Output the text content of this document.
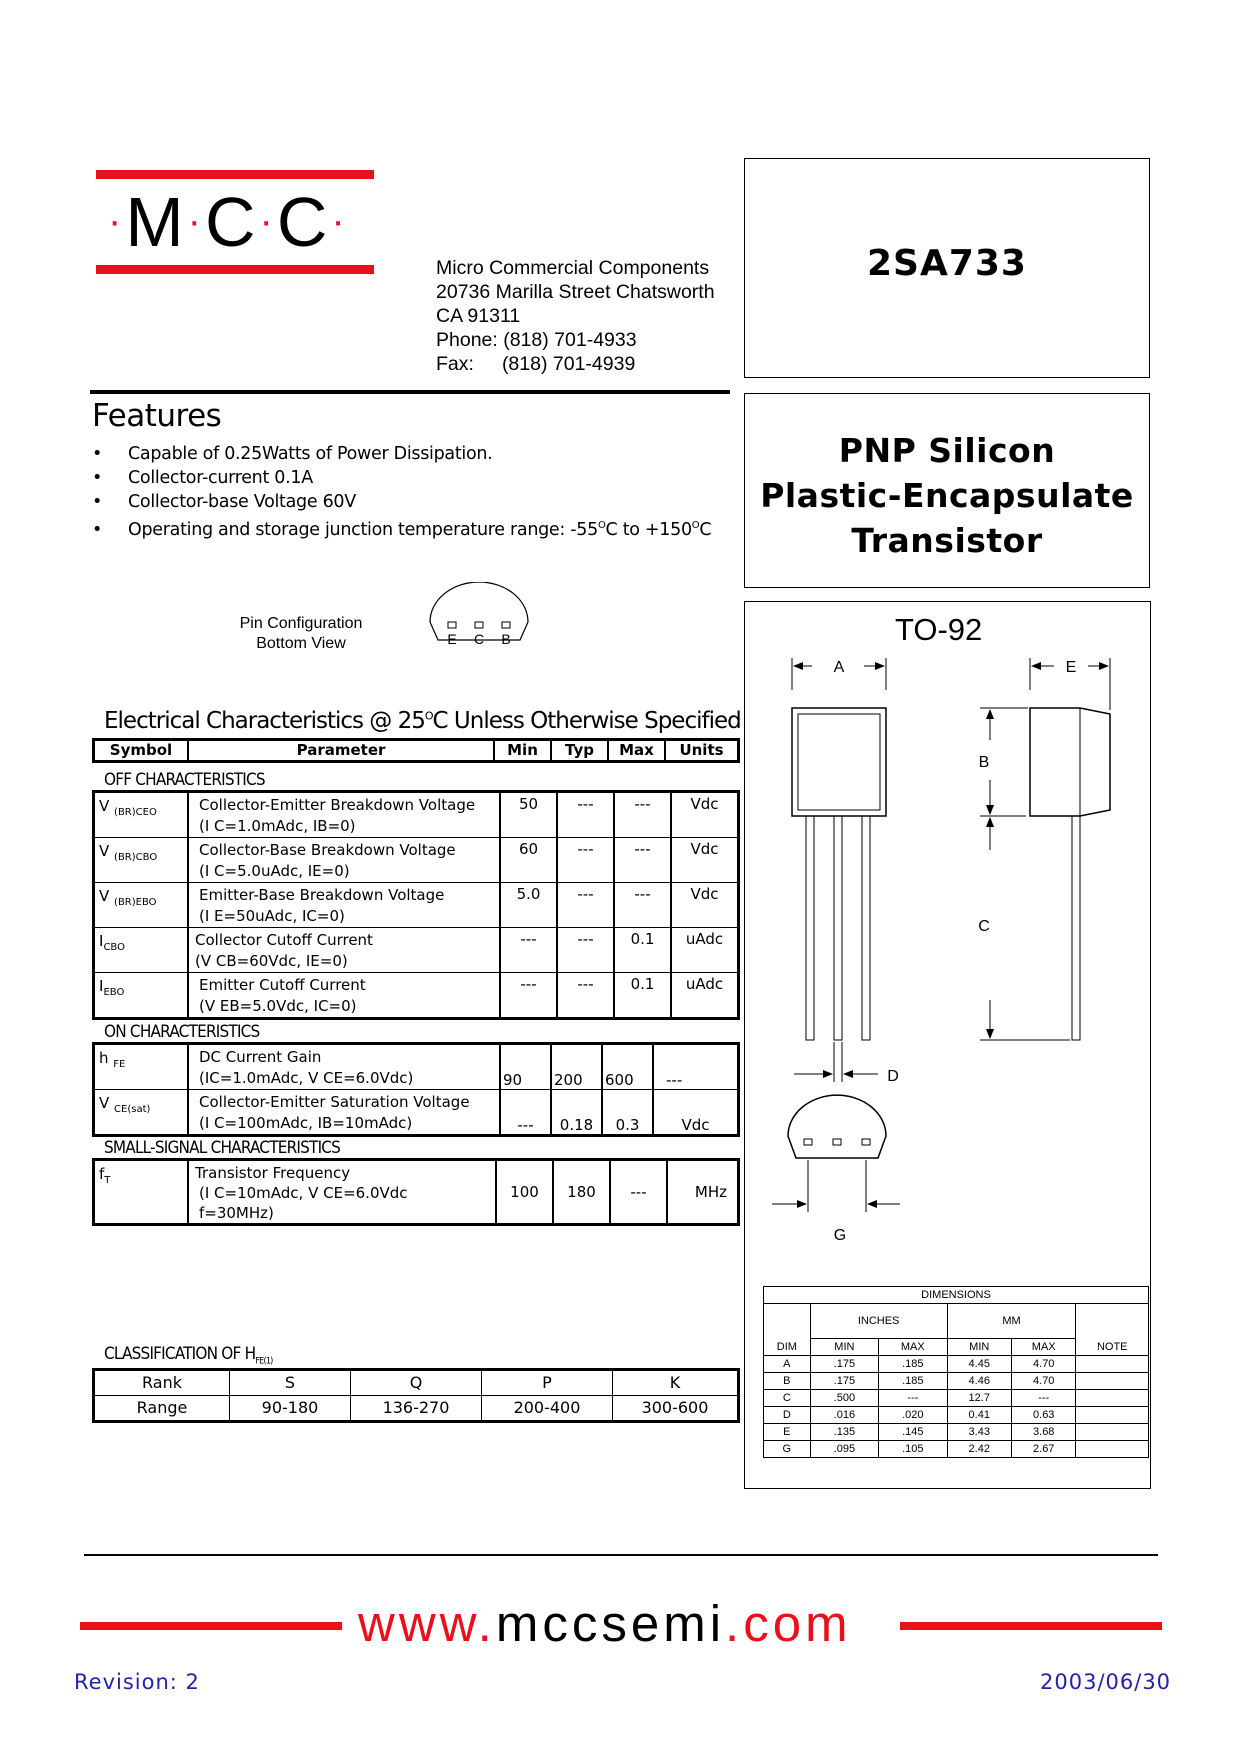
·M·C·C·
Micro Commercial Components
20736 Marilla Street Chatsworth
CA 91311
Phone: (818) 701-4933
Fax: (818) 701-4939
2SA733
PNP Silicon
Plastic-Encapsulate
Transistor
Features
• Capable of 0.25Watts of Power Dissipation.
• Collector-current 0.1A
• Collector-base Voltage 60V
• Operating and storage junction temperature range: $-55^OC$ to $+150^OC$
Pin Configuration
Bottom View	E C B
Electrical Characteristics @ $25^OC$ Unless Otherwise Specified
Symbol	Parameter	Min	Typ	Max	Units
OFF CHARACTERISTICS
V $_{(BR)CEO}$	Collector-Emitter Breakdown Voltage
(I C=1.0mAdc, IB=0)	50	---	---	Vdc
V $_{(BR)CBO}$	Collector-Base Breakdown Voltage
(I C=5.0uAdc, IE=0)	60	---	---	Vdc
V $_{(BR)EBO}$	Emitter-Base Breakdown Voltage
(I E=50uAdc, IC=0)	5.0	---	---	Vdc
$I_{CBO}$	Collector Cutoff Current
(V CB=60Vdc, IE=0)	---	---	0.1	uAdc
$I_{EBO}$	Emitter Cutoff Current
(V EB=5.0Vdc, IC=0)	---	---	0.1	uAdc
ON CHARACTERISTICS
h $_{FE}$	DC Current Gain
(IC=1.0mAdc, V CE=6.0Vdc)	90	200	600	---
V $_{CE(sat)}$	Collector-Emitter Saturation Voltage
(I C=100mAdc, IB=10mAdc)	---	0.18	0.3	Vdc
SMALL-SIGNAL CHARACTERISTICS
$f_T$	Transistor Frequency
(I C=10mAdc, V CE=6.0Vdc
f=30MHz)
	100	180	---	MHz
CLASSIFICATION OF $H_{FE(1)}$
Rank	S	Q	P	K
Range	90-180	136-270	200-400	300-600
TO-92
A	E
B
C
D
G
DIMENSIONS					
DIM	INCHES		MM		NOTE
	MIN	MAX	MIN	MAX	
A	.175	.185	4.45	4.70	
B	.175	.185	4.46	4.70	
C	.500	---	12.7	---	
D	.016	.020	0.41	0.63	
E	.135	.145	3.43	3.68	
G	.095	.105	2.42	2.67	
www.mccsemi.com
Revision: 2	2003/06/30
